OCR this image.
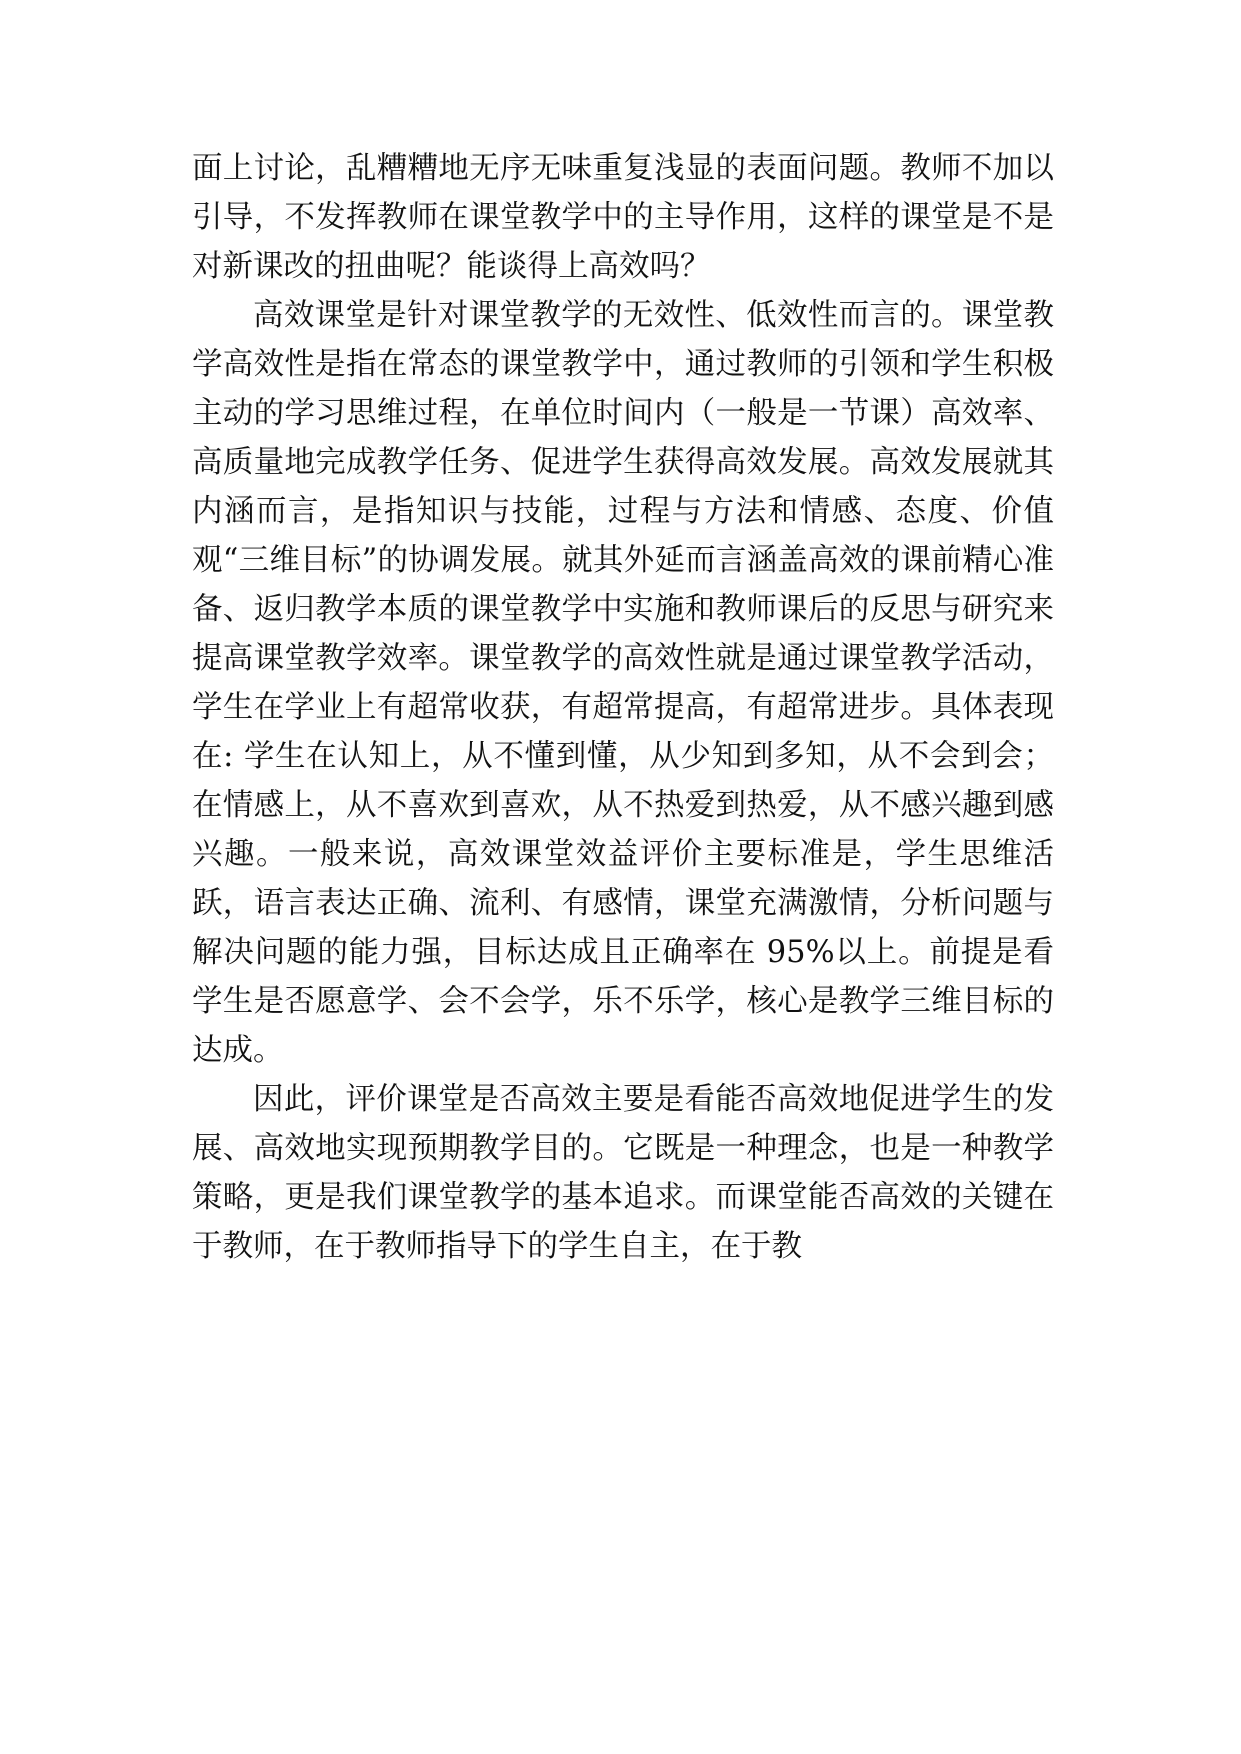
面上讨论，乱糟糟地无序无味重复浅显的表面问题。教师不加以引导，不发挥教师在课堂教学中的主导作用，这样的课堂是不是对新课改的扭曲呢？能谈得上高效吗？

高效课堂是针对课堂教学的无效性、低效性而言的。课堂教学高效性是指在常态的课堂教学中，通过教师的引领和学生积极主动的学习思维过程，在单位时间内（一般是一节课）高效率、高质量地完成教学任务、促进学生获得高效发展。高效发展就其内涵而言，是指知识与技能，过程与方法和情感、态度、价值观“三维目标”的协调发展。就其外延而言涵盖高效的课前精心准备、返归教学本质的课堂教学中实施和教师课后的反思与研究来提高课堂教学效率。课堂教学的高效性就是通过课堂教学活动，学生在学业上有超常收获，有超常提高，有超常进步。具体表现在: 学生在认知上，从不懂到懂，从少知到多知，从不会到会；在情感上，从不喜欢到喜欢，从不热爱到热爱，从不感兴趣到感兴趣。一般来说，高效课堂效益评价主要标准是，学生思维活跃，语言表达正确、流利、有感情，课堂充满激情，分析问题与解决问题的能力强，目标达成且正确率在 95%以上。前提是看学生是否愿意学、会不会学，乐不乐学，核心是教学三维目标的达成。

因此，评价课堂是否高效主要是看能否高效地促进学生的发展、高效地实现预期教学目的。它既是一种理念，也是一种教学策略，更是我们课堂教学的基本追求。而课堂能否高效的关键在于教师，在于教师指导下的学生自主，在于教
